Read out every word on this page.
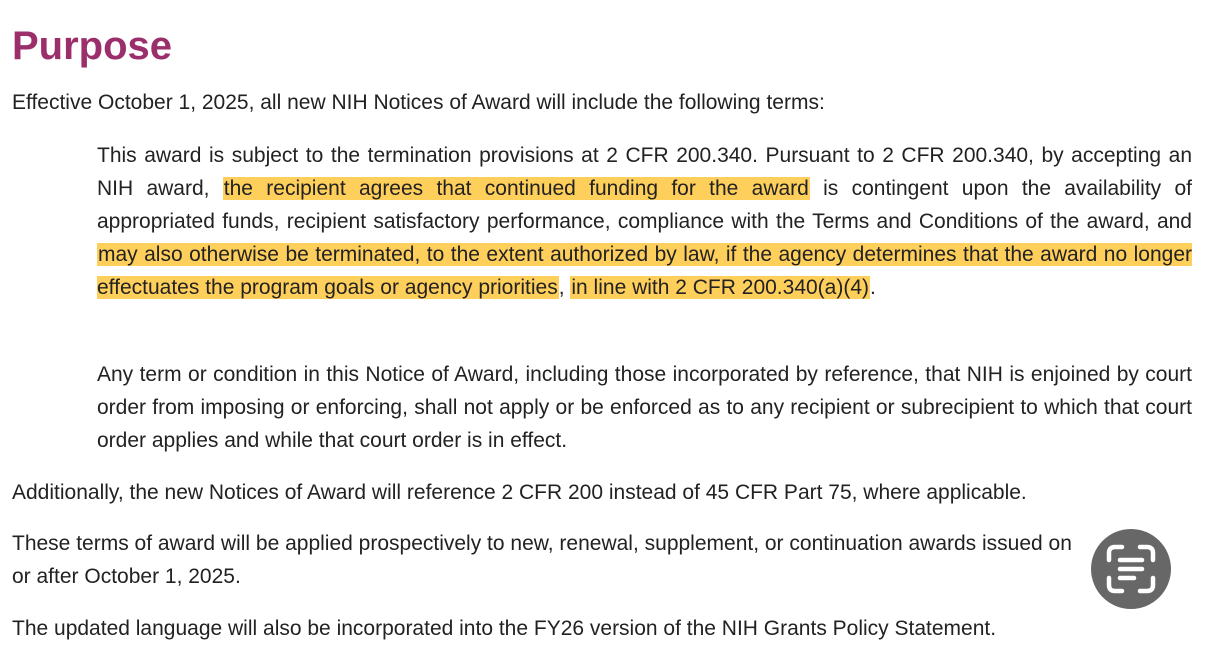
Purpose

Effective October 1, 2025, all new NIH Notices of Award will include the following terms:

This award is subject to the termination provisions at 2 CFR 200.340. Pursuant to 2 CFR 200.340, by accepting an NIH award, the recipient agrees that continued funding for the award is contingent upon the availability of appropriated funds, recipient satisfactory performance, compliance with the Terms and Conditions of the award, and may also otherwise be terminated, to the extent authorized by law, if the agency determines that the award no longer effectuates the program goals or agency priorities, in line with 2 CFR 200.340(a)(4).

Any term or condition in this Notice of Award, including those incorporated by reference, that NIH is enjoined by court order from imposing or enforcing, shall not apply or be enforced as to any recipient or subrecipient to which that court order applies and while that court order is in effect.

Additionally, the new Notices of Award will reference 2 CFR 200 instead of 45 CFR Part 75, where applicable.

These terms of award will be applied prospectively to new, renewal, supplement, or continuation awards issued on or after October 1, 2025.

The updated language will also be incorporated into the FY26 version of the NIH Grants Policy Statement.
